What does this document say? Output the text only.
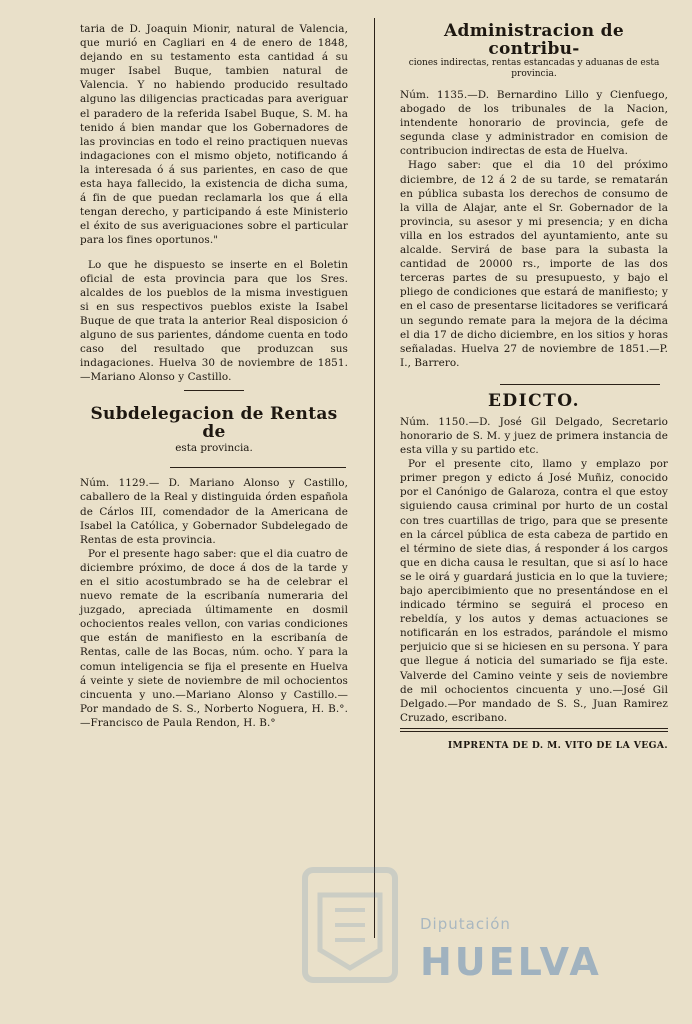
taria de D. Joaquin Mionir, natural de Valencia, que murió en Cagliari en 4 de enero de 1848, dejando en su testamento esta cantidad á su muger Isabel Buque, tambien natural de Valencia. Y no habiendo producido resultado alguno las diligencias practicadas para averiguar el paradero de la referida Isabel Buque, S. M. ha tenido á bien mandar que los Gobernadores de las provincias en todo el reino practiquen nuevas indagaciones con el mismo objeto, notificando á la interesada ó á sus parientes, en caso de que esta haya fallecido, la existencia de dicha suma, á fin de que puedan reclamarla los que á ella tengan derecho, y participando á este Ministerio el éxito de sus averiguaciones sobre el particular para los fines oportunos."

Lo que he dispuesto se inserte en el Boletin oficial de esta provincia para que los Sres. alcaldes de los pueblos de la misma investiguen si en sus respectivos pueblos existe la Isabel Buque de que trata la anterior Real disposicion ó alguno de sus parientes, dándome cuenta en todo caso del resultado que produzcan sus indagaciones. Huelva 30 de noviembre de 1851.—Mariano Alonso y Castillo.

Subdelegacion de Rentas de
esta provincia.

Núm. 1129.— D. Mariano Alonso y Castillo, caballero de la Real y distinguida órden española de Cárlos III, comendador de la Americana de Isabel la Católica, y Gobernador Subdelegado de Rentas de esta provincia.

Por el presente hago saber: que el dia cuatro de diciembre próximo, de doce á dos de la tarde y en el sitio acostumbrado se ha de celebrar el nuevo remate de la escribanía numeraria del juzgado, apreciada últimamente en dosmil ochocientos reales vellon, con varias condiciones que están de manifiesto en la escribanía de Rentas, calle de las Bocas, núm. ocho. Y para la comun inteligencia se fija el presente en Huelva á veinte y siete de noviembre de mil ochocientos cincuenta y uno.—Mariano Alonso y Castillo.—Por mandado de S. S., Norberto Noguera, H. B.°.—Francisco de Paula Rendon, H. B.°

Administracion de contribu-
ciones indirectas, rentas estancadas y aduanas de esta provincia.

Núm. 1135.—D. Bernardino Lillo y Cienfuego, abogado de los tribunales de la Nacion, intendente honorario de provincia, gefe de segunda clase y administrador en comision de contribucion indirectas de esta de Huelva.

Hago saber: que el dia 10 del próximo diciembre, de 12 á 2 de su tarde, se rematarán en pública subasta los derechos de consumo de la villa de Alajar, ante el Sr. Gobernador de la provincia, su asesor y mi presencia; y en dicha villa en los estrados del ayuntamiento, ante su alcalde. Servirá de base para la subasta la cantidad de 20000 rs., importe de las dos terceras partes de su presupuesto, y bajo el pliego de condiciones que estará de manifiesto; y en el caso de presentarse licitadores se verificará un segundo remate para la mejora de la décima el dia 17 de dicho diciembre, en los sitios y horas señaladas. Huelva 27 de noviembre de 1851.—P. I., Barrero.

EDICTO.

Núm. 1150.—D. José Gil Delgado, Secretario honorario de S. M. y juez de primera instancia de esta villa y su partido etc.

Por el presente cito, llamo y emplazo por primer pregon y edicto á José Muñiz, conocido por el Canónigo de Galaroza, contra el que estoy siguiendo causa criminal por hurto de un costal con tres cuartillas de trigo, para que se presente en la cárcel pública de esta cabeza de partido en el término de siete dias, á responder á los cargos que en dicha causa le resultan, que si así lo hace se le oirá y guardará justicia en lo que la tuviere; bajo apercibimiento que no presentándose en el indicado término se seguirá el proceso en rebeldía, y los autos y demas actuaciones se notificarán en los estrados, parándole el mismo perjuicio que si se hiciesen en su persona. Y para que llegue á noticia del sumariado se fija este. Valverde del Camino veinte y seis de noviembre de mil ochocientos cincuenta y uno.—José Gil Delgado.—Por mandado de S. S., Juan Ramirez Cruzado, escribano.

IMPRENTA DE D. M. VITO DE LA VEGA.
Diputación
HUELVA
